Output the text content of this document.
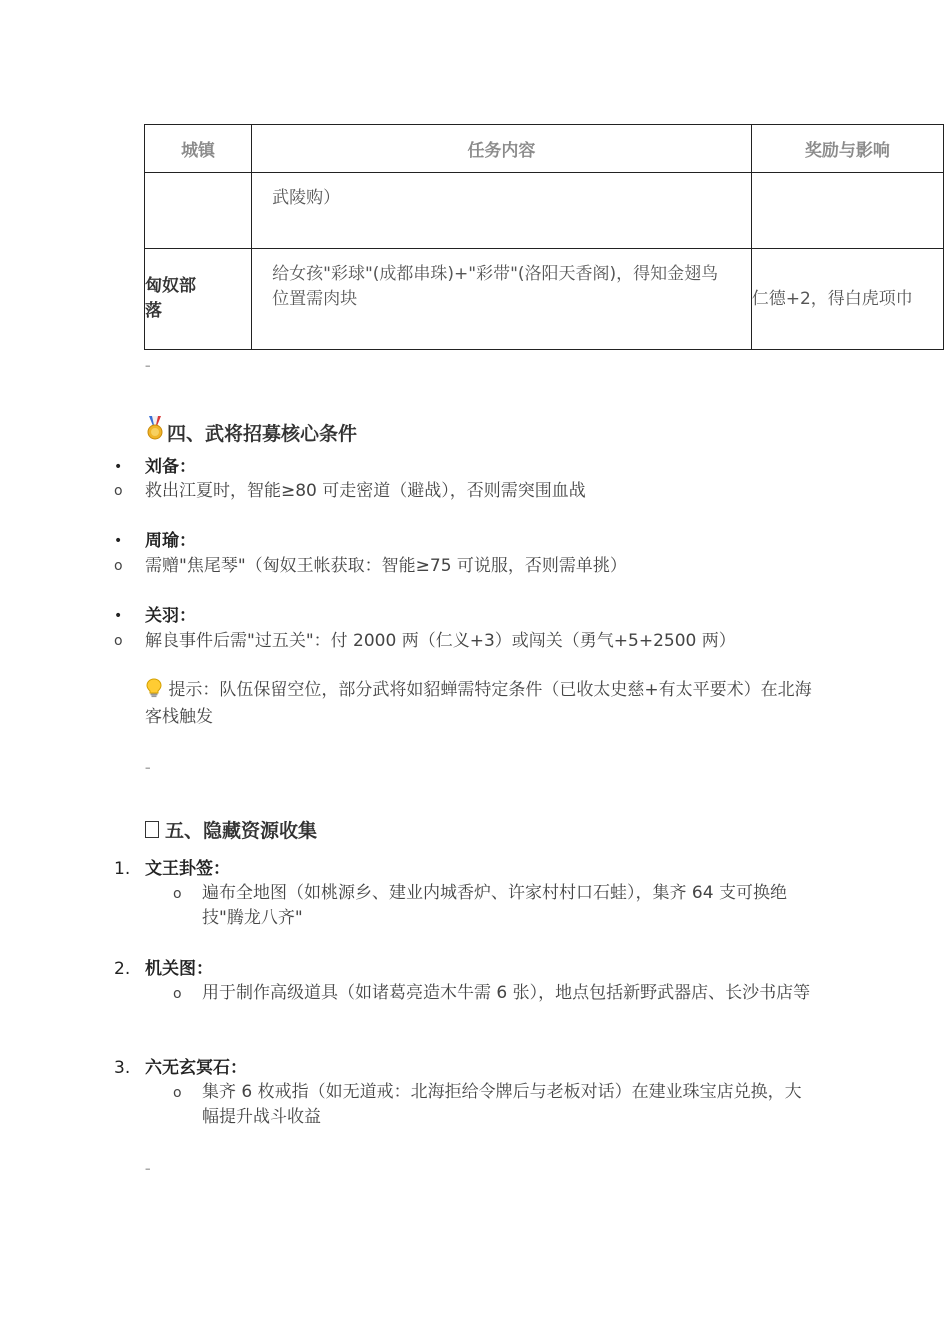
城镇	任务内容	奖励与影响

	武陵购）	

匈奴部落	给女孩"彩球"(成都串珠)+"彩带"(洛阳天香阁)，得知金翅鸟位置需肉块	仁德+2，得白虎项巾
–
四、武将招募核心条件
• 刘备：
o 救出江夏时，智能≥80 可走密道（避战），否则需突围血战
• 周瑜：
o 需赠"焦尾琴"（匈奴王帐获取：智能≥75 可说服，否则需单挑）
• 关羽：
o 解良事件后需"过五关"：付 2000 两（仁义+3）或闯关（勇气+5+2500 两）
提示：队伍保留空位，部分武将如貂蝉需特定条件（已收太史慈+有太平要术）在北海客栈触发
–
五、隐藏资源收集
1. 文王卦签：
o 遍布全地图（如桃源乡、建业内城香炉、许家村村口石蛙），集齐 64 支可换绝技"腾龙八齐"
2. 机关图：
o 用于制作高级道具（如诸葛亮造木牛需 6 张），地点包括新野武器店、长沙书店等
3. 六无玄冥石：
o 集齐 6 枚戒指（如无道戒：北海拒给令牌后与老板对话）在建业珠宝店兑换，大幅提升战斗收益
–
